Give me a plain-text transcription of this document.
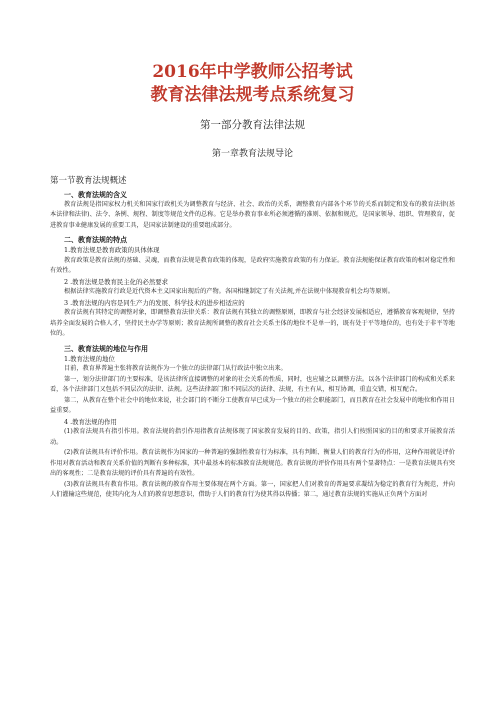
2016年中学教师公招考试
教育法律法规考点系统复习
第一部分教育法律法规
第一章教育法规导论
第一节教育法规概述
一、教育法规的含义

教育法规是指国家权力机关和国家行政机关为调整教育与经济、社会、政治的关系，调整教育内部各个环节的关系而制定和发布的教育法律(基本法律和法律)、法令、条例、规程、制度等规范文件的总称。它是举办教育事业所必须遵循的准则、依据和规范，是国家领导、组织、管理教育，促进教育事业健康发展的重要工具，是国家法制建设的重要组成部分。

二、教育法规的特点
1.教育法规是教育政策的具体体现

教育政策是教育法规的基础、灵魂，而教育法规是教育政策的体现，是政府实施教育政策的有力保证。教育法规能保证教育政策的相对稳定性和有效性。

2 .教育法规是教育民主化的必然要求

根据法律实施教育行政是近代资本主义国家出现后的产物。各国相继制定了有关法规,并在法规中体现教育机会均等原则。

3 .教育法规的内容是同生产力的发展、科学技术的进步相适应的

教育法规有其特定的调整对象，即调整教育法律关系：教育法规有其独立的调整原则，即教育与社会经济发展相适应，遵循教育客观规律，坚持培养全面发展的合格人才，坚持民主办学等原则；教育法规所调整的教育社会关系主体的地位不是单一的，既有处于平等地位的，也有处于非平等地位的。

三、教育法规的地位与作用
1.教育法规的地位

目前，教育界普遍主张将教育法规作为一个独立的法律部门从行政法中独立出来。

第一，划分法律部门的主要标准，是该法律所直接调整的对象的社会关系的性质，同时，也应辅之以调整方法。以各个法律部门的构成和关系来看，各个法律部门又包括不同层次的法律、法规。这些法律部门和不同层次的法律、法规，有主有从，相互协调，重直交错，相互配合。

第二，从教育在整个社会中的地位来说，社会部门的不断分工使教育早已成为一个独立的社会职能部门，而且教育在社会发展中的地位和作用日益重要。

4 .教育法规的作用

(1)教育法规具有指引作用。教育法规的指引作用指教育法规体现了国家教育发展的目的、政策，指引人们按照国家的目的和要求开展教育活动。

(2)教育法规具有评价作用。教育法规作为国家的一种普遍的强制性教育行为标准，具有判断、衡量人们的教育行为的作用，这种作用就是评价作用对教育活动和教育关系价值的判断有多种标准，其中最基本的标准教育法规规范。教育法规的评价作用具有两个显著特点：一是教育法规具有突出的客观性；二是教育法规的评价具有普遍的有效性。

(3)教育法规具有教育作用。教育法规的教育作用主要体现在两个方面。第一，国家把人们对教育的普遍要求凝结为稳定的教育行为规范，并向人们灌输这些规范，使其内化为人们的教育思想意识，借助于人们的教育行为使其得以传播；第二，通过教育法规的实施从正负两个方面对
